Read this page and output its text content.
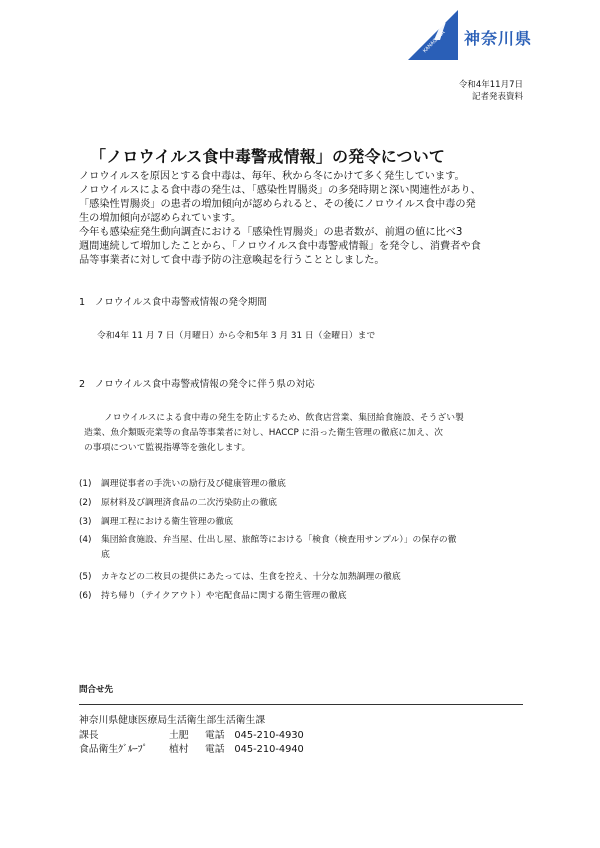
神奈川県
KANAGAWA
令和4年11月7日
記者発表資料
「ノロウイルス食中毒警戒情報」の発令について
ノロウイルスを原因とする食中毒は、毎年、秋から冬にかけて多く発生しています。
ノロウイルスによる食中毒の発生は、「感染性胃腸炎」の多発時期と深い関連性があり、
「感染性胃腸炎」の患者の増加傾向が認められると、その後にノロウイルス食中毒の発
生の増加傾向が認められています。
今年も感染症発生動向調査における「感染性胃腸炎」の患者数が、前週の値に比べ3
週間連続して増加したことから、「ノロウイルス食中毒警戒情報」を発令し、消費者や食
品等事業者に対して食中毒予防の注意喚起を行うこととしました。
1　ノロウイルス食中毒警戒情報の発令期間
令和4年 11 月 7 日（月曜日）から令和5年 3 月 31 日（金曜日）まで
2　ノロウイルス食中毒警戒情報の発令に伴う県の対応
ノロウイルスによる食中毒の発生を防止するため、飲食店営業、集団給食施設、そうざい製
造業、魚介類販売業等の食品等事業者に対し、HACCP に沿った衛生管理の徹底に加え、次
の事項について監視指導等を強化します。
(1) 調理従事者の手洗いの励行及び健康管理の徹底
(2) 原材料及び調理済食品の二次汚染防止の徹底
(3) 調理工程における衛生管理の徹底
(4) 集団給食施設、弁当屋、仕出し屋、旅館等における「検食（検査用サンプル）」の保存の徹
底
(5) カキなどの二枚貝の提供にあたっては、生食を控え、十分な加熱調理の徹底
(6) 持ち帰り（テイクアウト）や宅配食品に関する衛生管理の徹底
問合せ先
神奈川県健康医療局生活衛生部生活衛生課
課長	土肥 電話　045-210-4930
食品衛生ｸﾞﾙｰﾌﾟ 植村 電話　045-210-4940
